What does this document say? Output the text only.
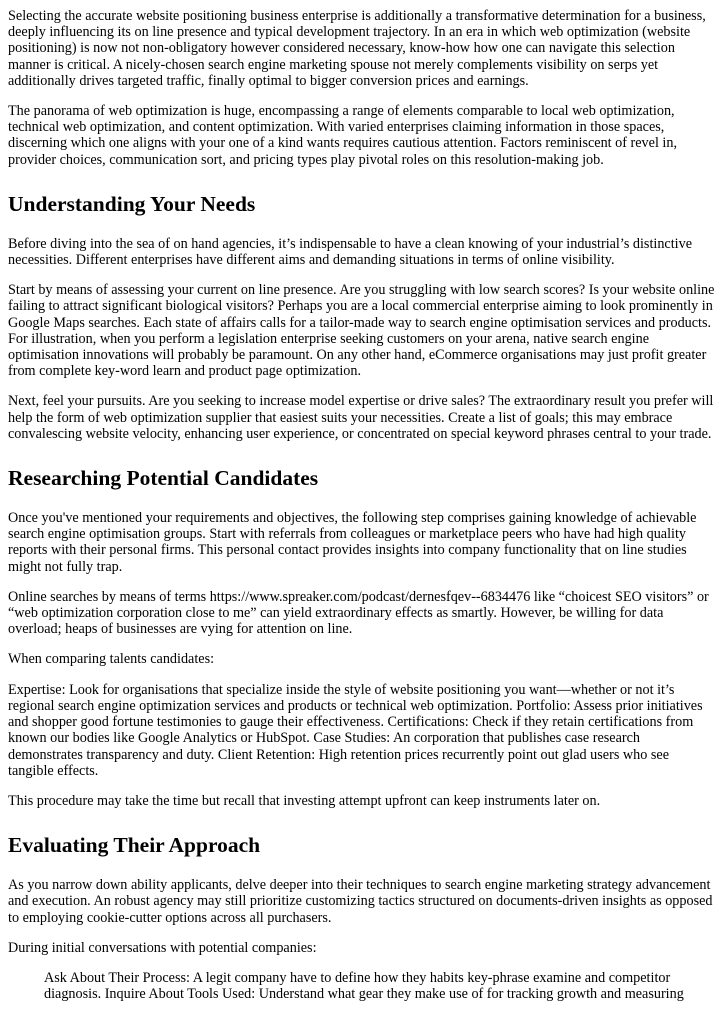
Selecting the accurate website positioning business enterprise is additionally a transformative determination for a business, deeply influencing its on line presence and typical development trajectory. In an era in which web optimization (website positioning) is now not non-obligatory however considered necessary, know-how how one can navigate this selection manner is critical. A nicely-chosen search engine marketing spouse not merely complements visibility on serps yet additionally drives targeted traffic, finally optimal to bigger conversion prices and earnings.

The panorama of web optimization is huge, encompassing a range of elements comparable to local web optimization, technical web optimization, and content optimization. With varied enterprises claiming information in those spaces, discerning which one aligns with your one of a kind wants requires cautious attention. Factors reminiscent of revel in, provider choices, communication sort, and pricing types play pivotal roles on this resolution-making job.

Understanding Your Needs

Before diving into the sea of on hand agencies, it’s indispensable to have a clean knowing of your industrial’s distinctive necessities. Different enterprises have different aims and demanding situations in terms of online visibility.

Start by means of assessing your current on line presence. Are you struggling with low search scores? Is your website online failing to attract significant biological visitors? Perhaps you are a local commercial enterprise aiming to look prominently in Google Maps searches. Each state of affairs calls for a tailor-made way to search engine optimisation services and products. For illustration, when you perform a legislation enterprise seeking customers on your arena, native search engine optimisation innovations will probably be paramount. On any other hand, eCommerce organisations may just profit greater from complete key-word learn and product page optimization.

Next, feel your pursuits. Are you seeking to increase model expertise or drive sales? The extraordinary result you prefer will help the form of web optimization supplier that easiest suits your necessities. Create a list of goals; this may embrace convalescing website velocity, enhancing user experience, or concentrated on special keyword phrases central to your trade.

Researching Potential Candidates

Once you've mentioned your requirements and objectives, the following step comprises gaining knowledge of achievable search engine optimisation groups. Start with referrals from colleagues or marketplace peers who have had high quality reports with their personal firms. This personal contact provides insights into company functionality that on line studies might not fully trap.

Online searches by means of terms https://www.spreaker.com/podcast/dernesfqev--6834476 like “choicest SEO visitors” or “web optimization corporation close to me” can yield extraordinary effects as smartly. However, be willing for data overload; heaps of businesses are vying for attention on line.

When comparing talents candidates:

Expertise: Look for organisations that specialize inside the style of website positioning you want—whether or not it’s regional search engine optimization services and products or technical web optimization. Portfolio: Assess prior initiatives and shopper good fortune testimonies to gauge their effectiveness. Certifications: Check if they retain certifications from known our bodies like Google Analytics or HubSpot. Case Studies: An corporation that publishes case research demonstrates transparency and duty. Client Retention: High retention prices recurrently point out glad users who see tangible effects.

This procedure may take the time but recall that investing attempt upfront can keep instruments later on.

Evaluating Their Approach

As you narrow down ability applicants, delve deeper into their techniques to search engine marketing strategy advancement and execution. An robust agency may still prioritize customizing tactics structured on documents-driven insights as opposed to employing cookie-cutter options across all purchasers.

During initial conversations with potential companies:

Ask About Their Process: A legit company have to define how they habits key-phrase examine and competitor diagnosis. Inquire About Tools Used: Understand what gear they make use of for tracking growth and measuring
